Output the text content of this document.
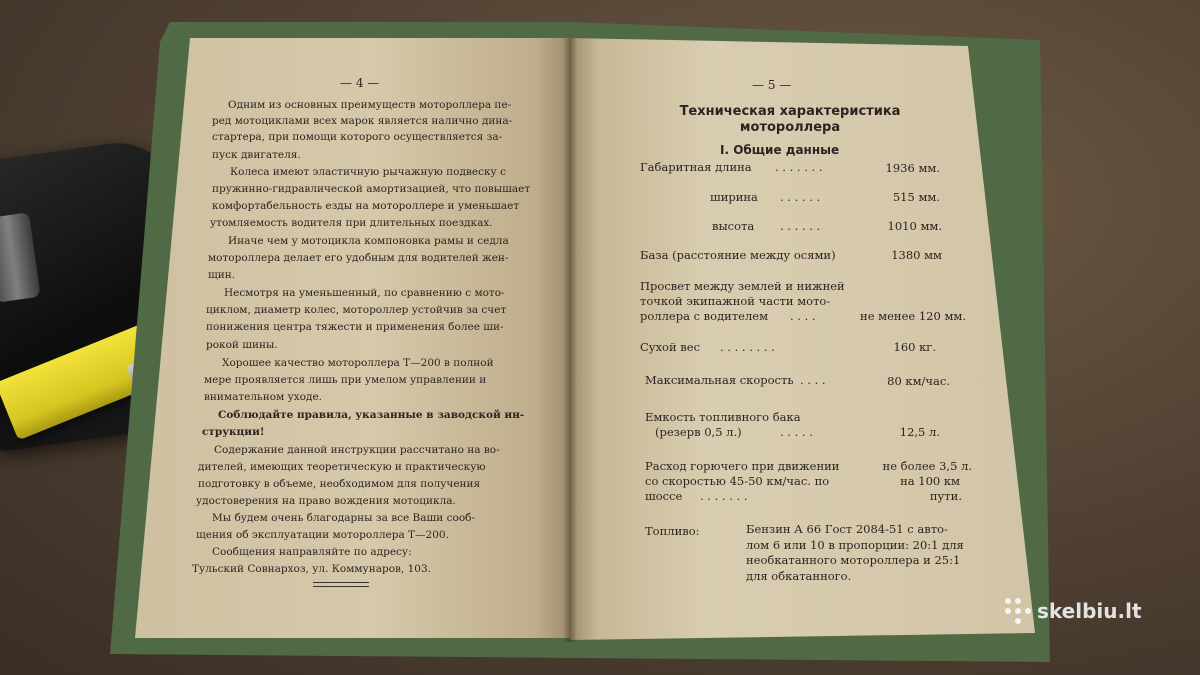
— 4 —
Одним из основных преимуществ мотороллера пе-
ред мотоциклами всех марок является налично дина-
стартера, при помощи которого осуществляется за-
пуск двигателя.
Колеса имеют эластичную рычажную подвеску с
пружинно-гидравлической амортизацией, что повышает
комфортабельность езды на мотороллере и уменьшает
утомляемость водителя при длительных поездках.
Иначе чем у мотоцикла компоновка рамы и седла
мотороллера делает его удобным для водителей жен-
щин.
Несмотря на уменьшенный, по сравнению с мото-
циклом, диаметр колес, мотороллер устойчив за счет
понижения центра тяжести и применения более ши-
рокой шины.
Хорошее качество мотороллера Т—200 в полной
мере проявляется лишь при умелом управлении и
внимательном уходе.
Соблюдайте правила, указанные в заводской ин-
струкции!
Содержание данной инструкции рассчитано на во-
дителей, имеющих теоретическую и практическую
подготовку в объеме, необходимом для получения
удостоверения на право вождения мотоцикла.
Мы будем очень благодарны за все Ваши сооб-
щения об эксплуатации мотороллера Т—200.
Сообщения направляйте по адресу:
Тульский Совнархоз, ул. Коммунаров, 103.
— 5 —
Техническая характеристика
мотороллера
I. Общие данные
Габаритная длина . . . . . . .	1936 мм.
ширина . . . . . .	515 мм.
высота . . . . . .	1010 мм.
База (расстояние между осями)	1380 мм
Просвет между землей и нижней
точкой экипажной части мото-
роллера с водителем . . . .	не менее 120 мм.
Сухой вес . . . . . . . .	160 кг.
Максимальная скорость . . . .	80 км/час.
Емкость топливного бака
(резерв 0,5 л.)	. . . . .	12,5 л.
Расход горючего при движении	не более 3,5 л.
со скоростью 45-50 км/час. по	на 100 км
шоссе . . . . . . .	пути.
Топливо:	Бензин А 66 Гост 2084-51 с авто-
лом 6 или 10 в пропорции: 20:1 для
необкатанного мотороллера и 25:1
для обкатанного.
skelbiu.lt
